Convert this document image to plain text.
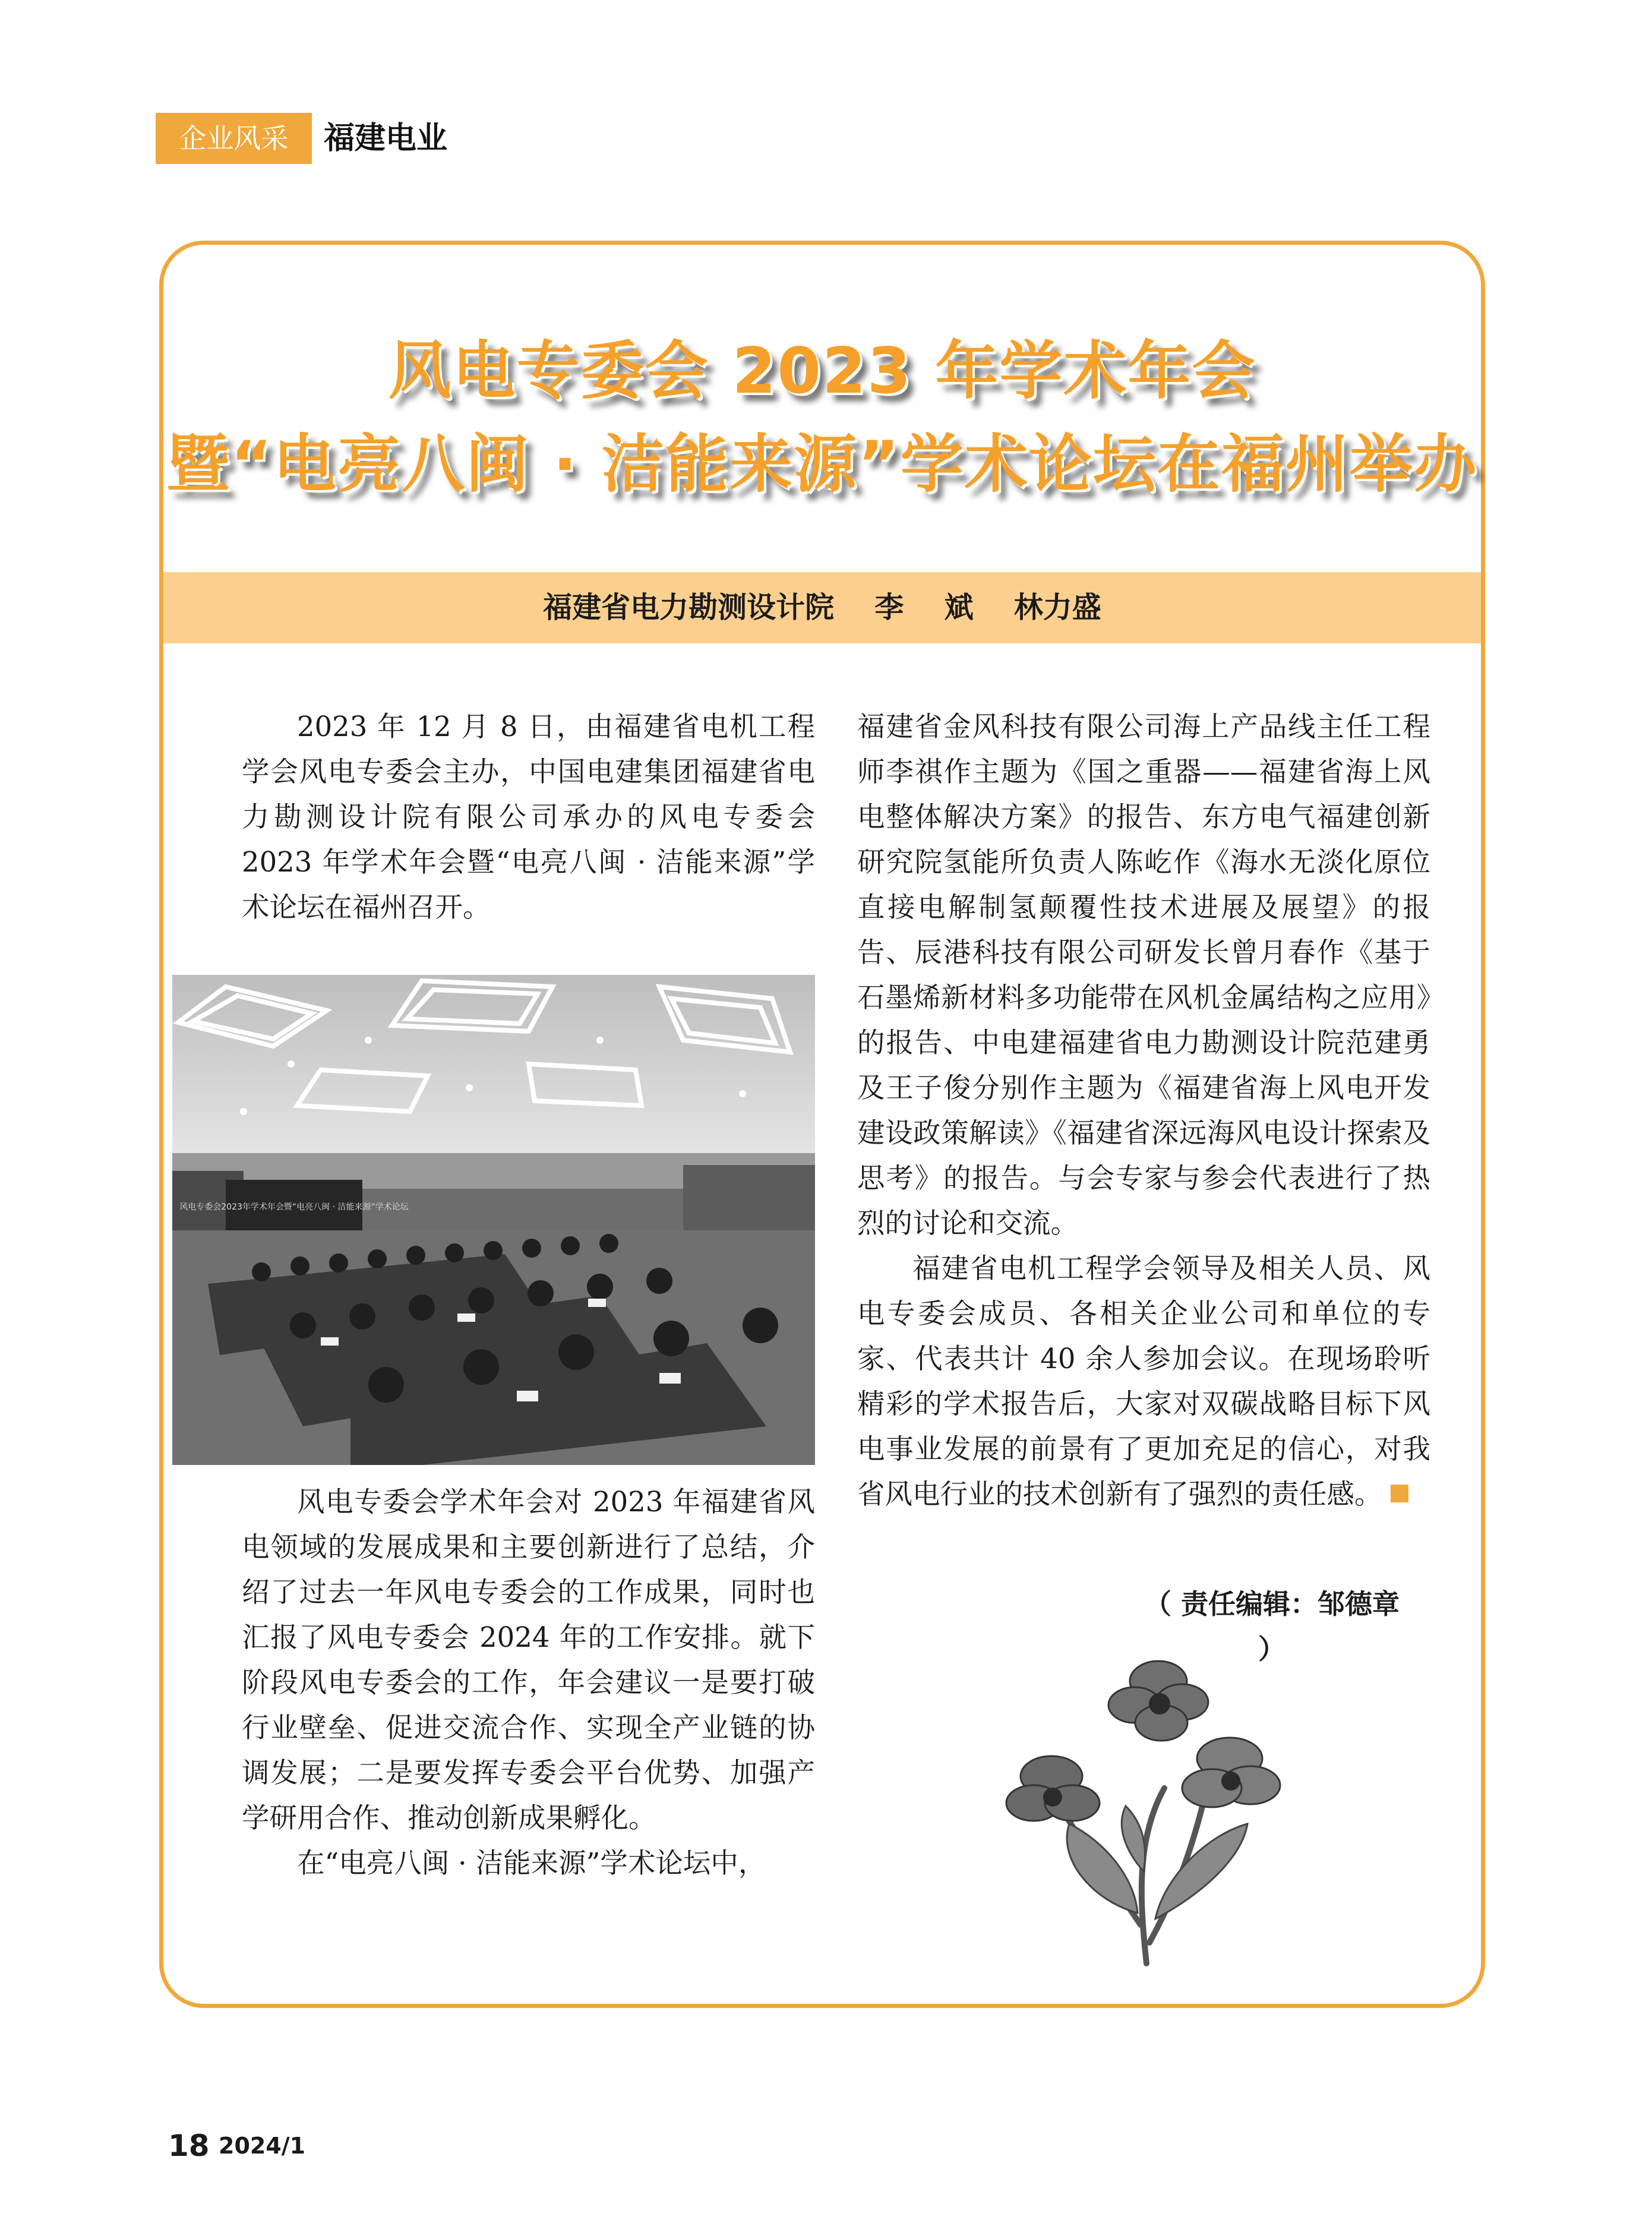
企业风采	福建电业
风电专委会 2023 年学术年会
暨“电亮八闽 · 洁能来源”学术论坛在福州举办
福建省电力勘测设计院    李    斌    林力盛

2023 年 12 月 8 日，由福建省电机工程学会风电专委会主办，中国电建集团福建省电力勘测设计院有限公司承办的风电专委会 2023 年学术年会暨“电亮八闽 · 洁能来源”学术论坛在福州召开。

风电专委会2023年学术年会暨“电亮八闽 · 洁能来源”学术论坛

风电专委会学术年会对 2023 年福建省风电领域的发展成果和主要创新进行了总结，介绍了过去一年风电专委会的工作成果，同时也汇报了风电专委会 2024 年的工作安排。就下阶段风电专委会的工作，年会建议一是要打破行业壁垒、促进交流合作、实现全产业链的协调发展；二是要发挥专委会平台优势、加强产学研用合作、推动创新成果孵化。

在“电亮八闽 · 洁能来源”学术论坛中，

福建省金风科技有限公司海上产品线主任工程师李祺作主题为《国之重器——福建省海上风电整体解决方案》的报告、东方电气福建创新研究院氢能所负责人陈屹作《海水无淡化原位直接电解制氢颠覆性技术进展及展望》的报告、辰港科技有限公司研发长曾月春作《基于石墨烯新材料多功能带在风机金属结构之应用》的报告、中电建福建省电力勘测设计院范建勇及王子俊分别作主题为《福建省海上风电开发建设政策解读》《福建省深远海风电设计探索及思考》的报告。与会专家与参会代表进行了热烈的讨论和交流。

福建省电机工程学会领导及相关人员、风电专委会成员、各相关企业公司和单位的专家、代表共计 40 余人参加会议。在现场聆听精彩的学术报告后，大家对双碳战略目标下风电事业发展的前景有了更加充足的信心，对我省风电行业的技术创新有了强烈的责任感。

（ 责任编辑：邹德章 ）
18 2024/1
